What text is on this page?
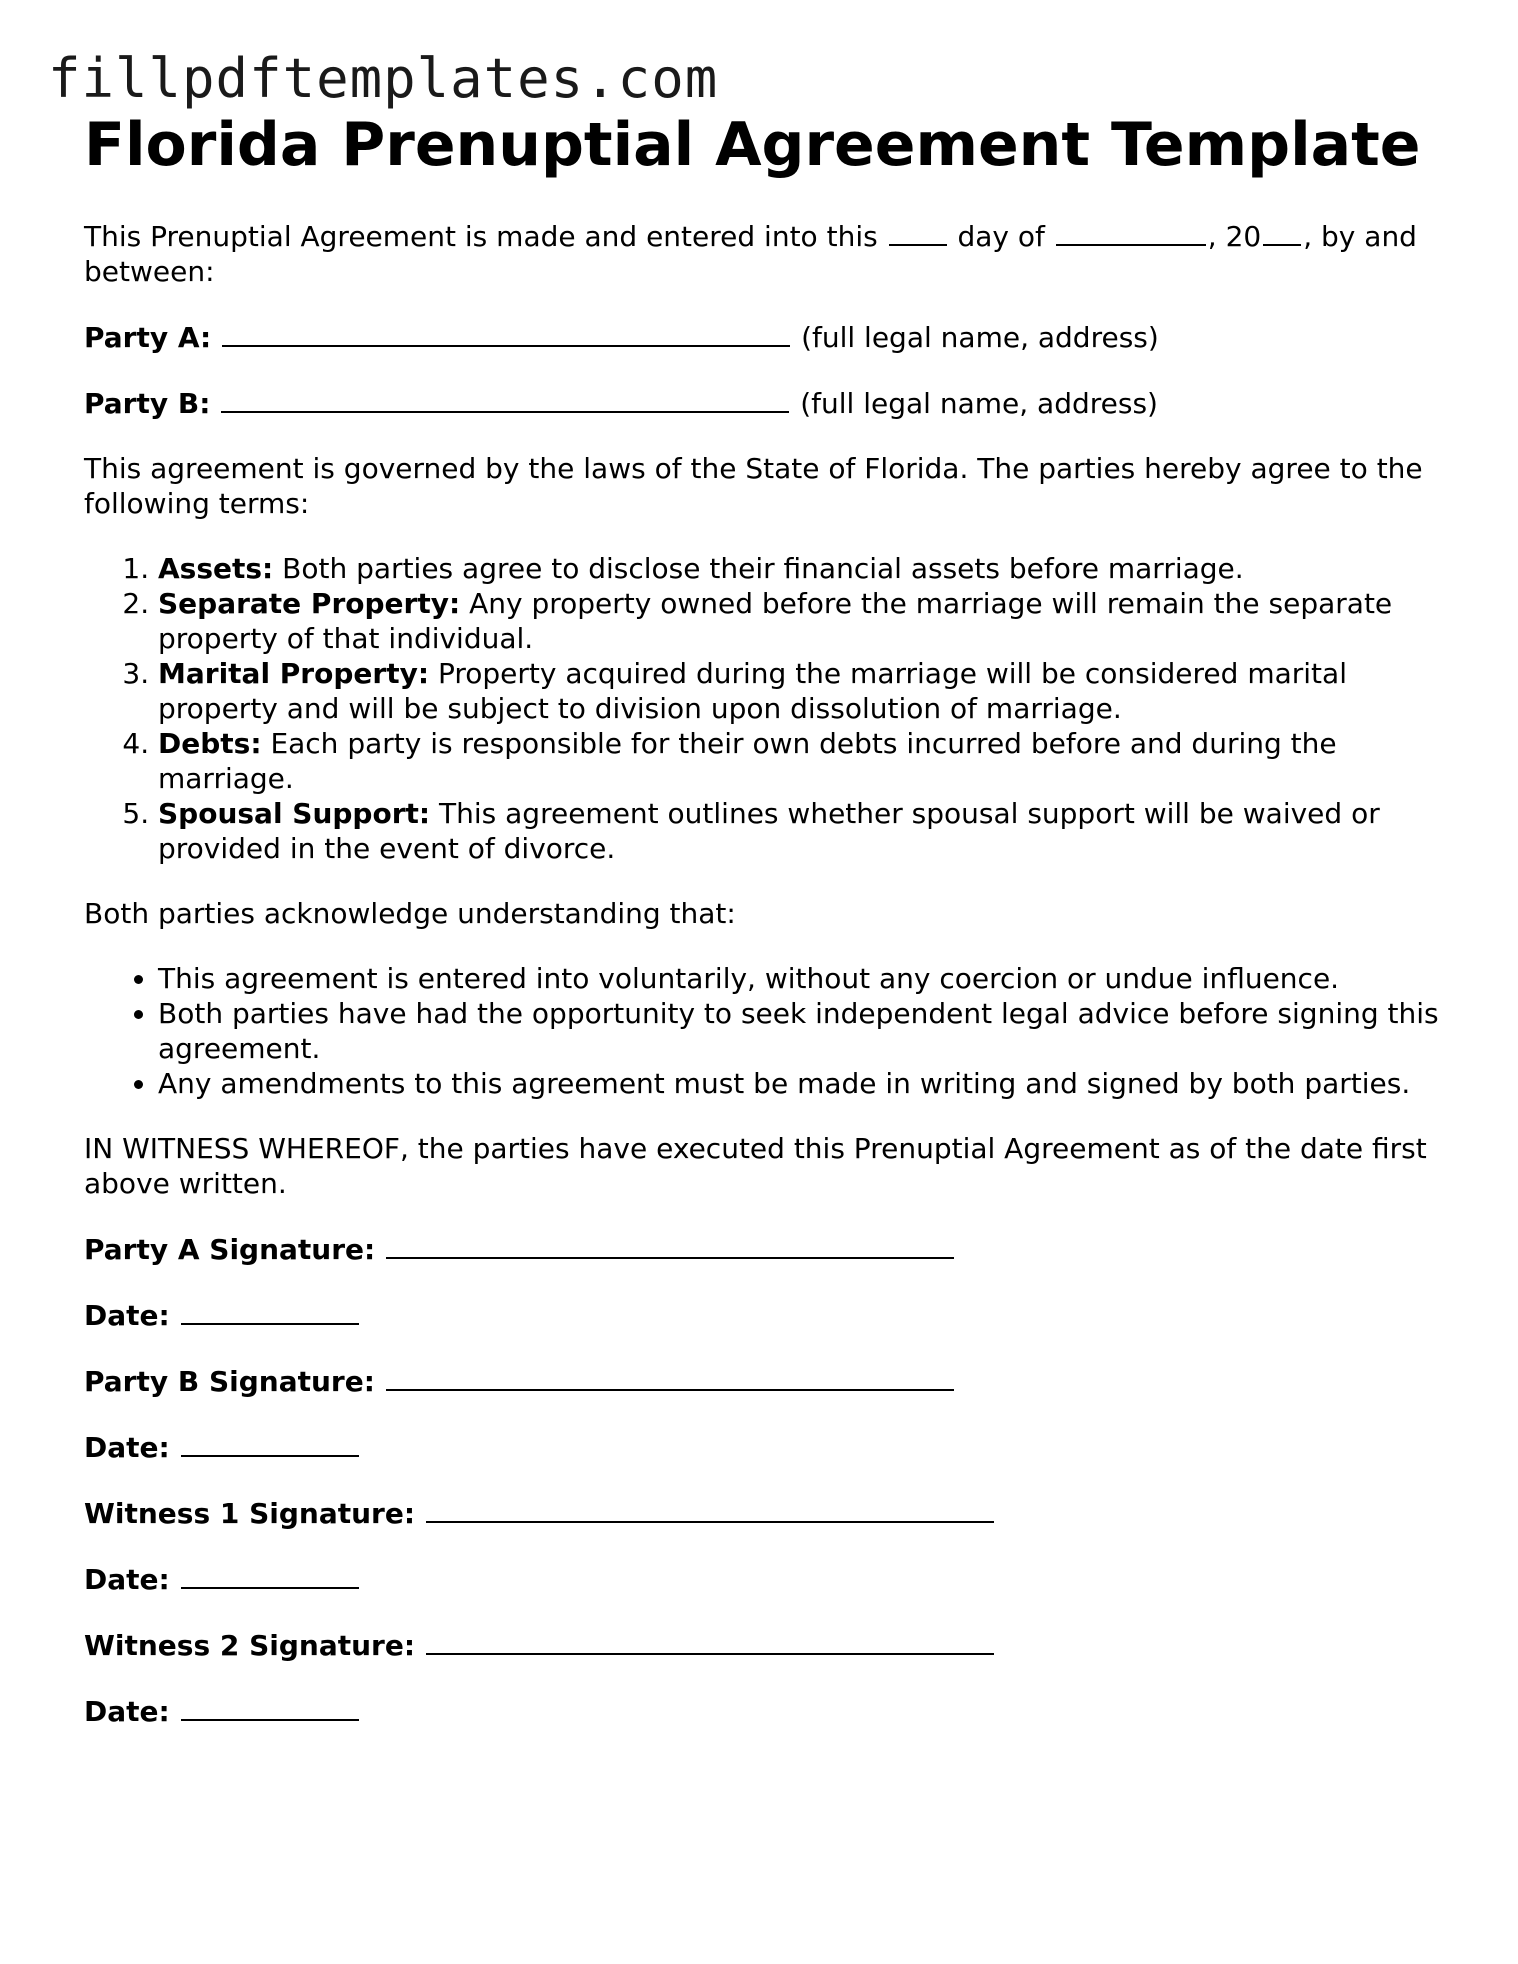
fillpdftemplates.com
Florida Prenuptial Agreement Template

This Prenuptial Agreement is made and entered into this	day of	, 20 , by and between:

Party A:	(full legal name, address)
Party B:	(full legal name, address)

This agreement is governed by the laws of the State of Florida. The parties hereby agree to the following terms:

1. Assets: Both parties agree to disclose their financial assets before marriage.
2. Separate Property: Any property owned before the marriage will remain the separate property of that individual.
3. Marital Property: Property acquired during the marriage will be considered marital property and will be subject to division upon dissolution of marriage.
4. Debts: Each party is responsible for their own debts incurred before and during the marriage.
5. Spousal Support: This agreement outlines whether spousal support will be waived or provided in the event of divorce.

Both parties acknowledge understanding that:

• This agreement is entered into voluntarily, without any coercion or undue influence.
• Both parties have had the opportunity to seek independent legal advice before signing this agreement.
• Any amendments to this agreement must be made in writing and signed by both parties.

IN WITNESS WHEREOF, the parties have executed this Prenuptial Agreement as of the date first above written.

Party A Signature:
Date:
Party B Signature:
Date:
Witness 1 Signature:
Date:
Witness 2 Signature:
Date:
